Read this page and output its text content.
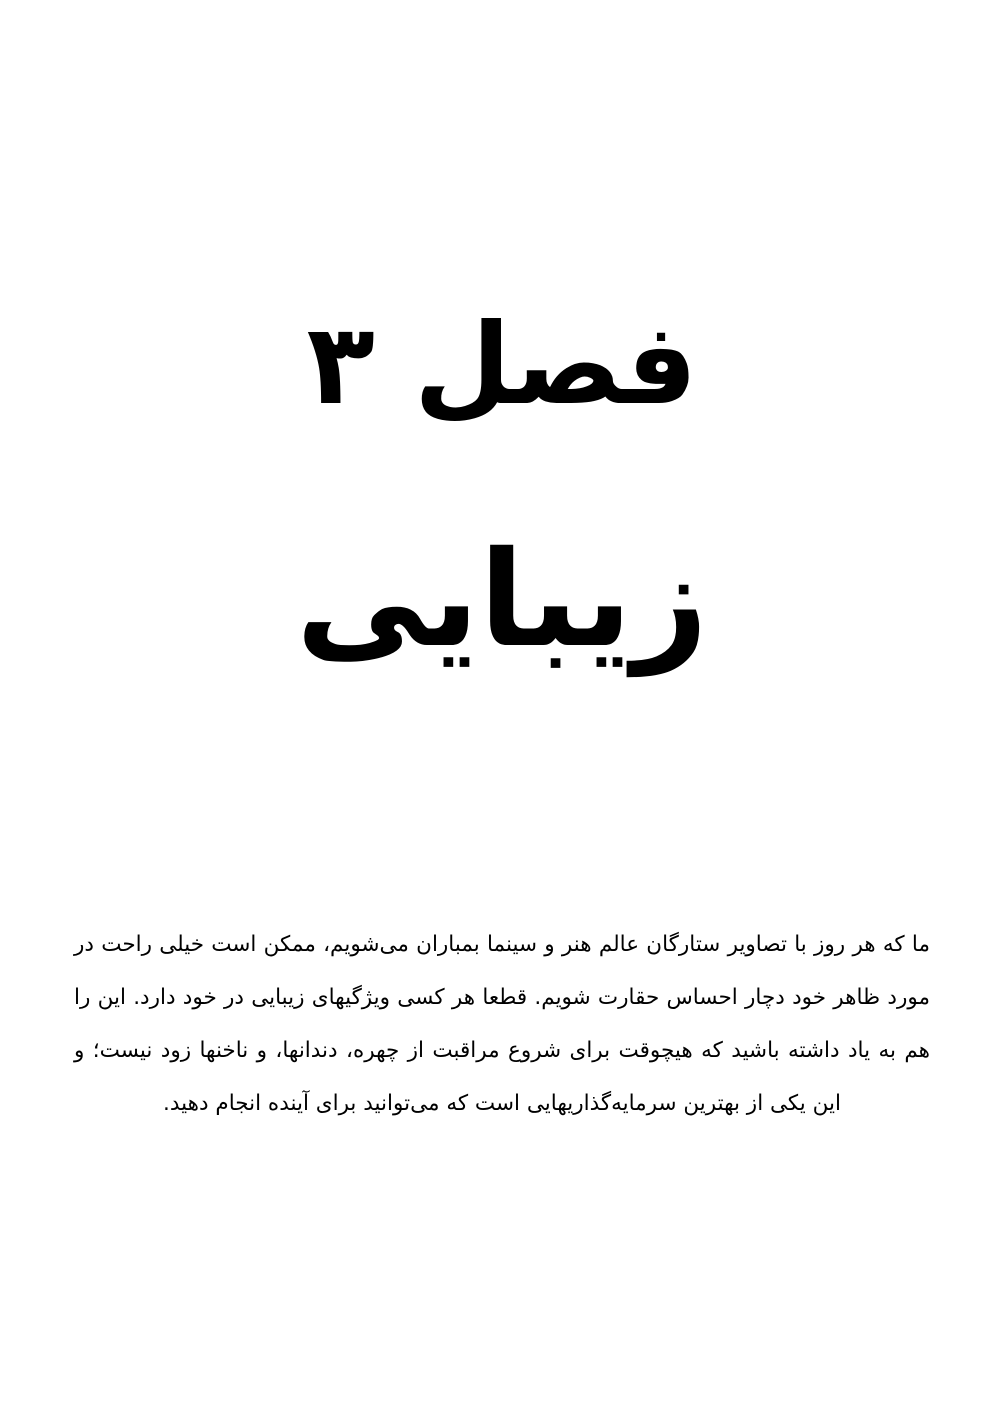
فصل ۳
زیبایی

ما که هر روز با تصاویر ستارگان عالم هنر و سینما بمباران می‌شویم، ممکن است خیلی راحت در مورد ظاهر خود دچار احساس حقارت شویم. قطعا هر کسی ویژگیهای زیبایی در خود دارد. این را هم به یاد داشته باشید که هیچوقت برای شروع مراقبت از چهره، دندانها، و ناخنها زود نیست؛ و این یکی از بهترین سرمایه‌گذاریهایی است که می‌توانید برای آینده انجام دهید.
